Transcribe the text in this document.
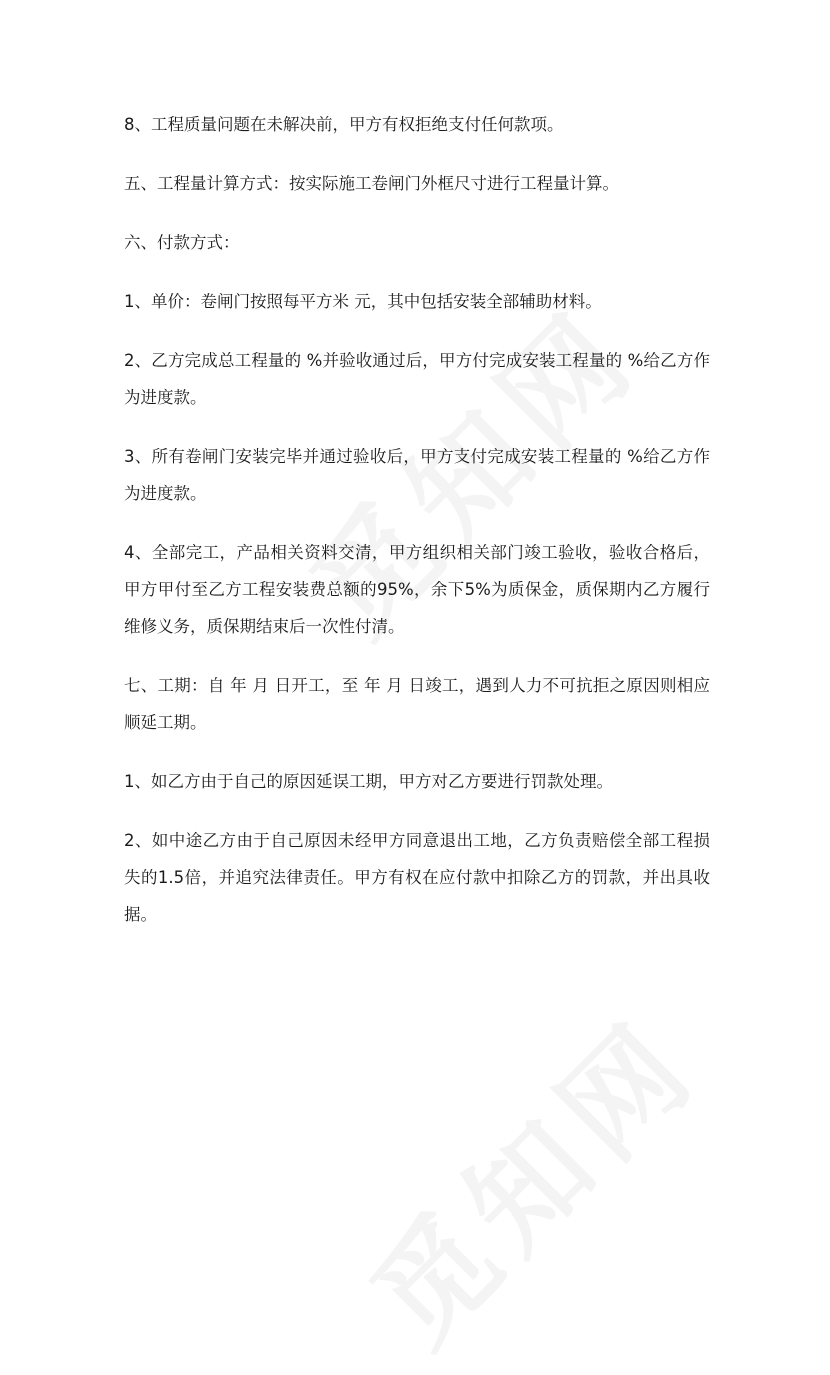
8、工程质量问题在未解决前，甲方有权拒绝支付任何款项。

五、工程量计算方式：按实际施工卷闸门外框尺寸进行工程量计算。

六、付款方式：

1、单价：卷闸门按照每平方米 元，其中包括安装全部辅助材料。

2、乙方完成总工程量的 %并验收通过后，甲方付完成安装工程量的 %给乙方作为进度款。

3、所有卷闸门安装完毕并通过验收后，甲方支付完成安装工程量的 %给乙方作为进度款。

4、全部完工，产品相关资料交清，甲方组织相关部门竣工验收，验收合格后，甲方甲付至乙方工程安装费总额的95%，余下5%为质保金，质保期内乙方履行维修义务，质保期结束后一次性付清。

七、工期：自 年 月 日开工，至 年 月 日竣工，遇到人力不可抗拒之原因则相应顺延工期。

1、如乙方由于自己的原因延误工期，甲方对乙方要进行罚款处理。

2、如中途乙方由于自己原因未经甲方同意退出工地，乙方负责赔偿全部工程损失的1.5倍，并追究法律责任。甲方有权在应付款中扣除乙方的罚款，并出具收据。
